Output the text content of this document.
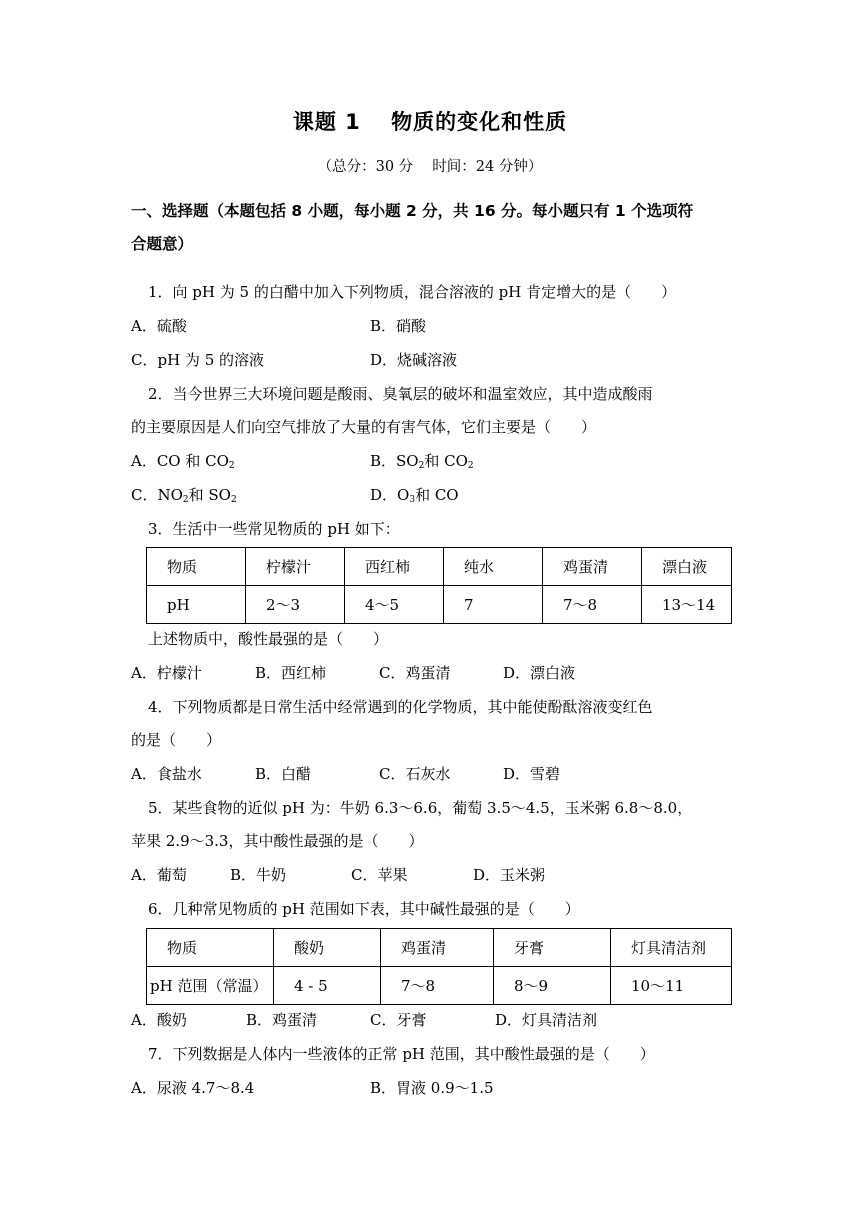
课题 1　 物质的变化和性质
（总分：30 分　 时间：24 分钟）
一、选择题（本题包括 8 小题，每小题 2 分，共 16 分。每小题只有 1 个选项符
合题意）
1．向 pH 为 5 的白醋中加入下列物质，混合溶液的 pH 肯定增大的是（　　）
A．硫酸	B．硝酸
C．pH 为 5 的溶液	D．烧碱溶液
2．当今世界三大环境问题是酸雨、臭氧层的破坏和温室效应，其中造成酸雨
的主要原因是人们向空气排放了大量的有害气体，它们主要是（　　）
A．CO 和 $CO_2$	B．$SO_2$和 $CO_2$
C．$NO_2$和 $SO_2$	D．$O_3$和 CO
3．生活中一些常见物质的 pH 如下：
物质	柠檬汁	西红柿	纯水	鸡蛋清	漂白液
pH	2～3	4～5	7	7～8	13～14
上述物质中，酸性最强的是（　　）
A．柠檬汁	B．西红柿	C．鸡蛋清	D．漂白液
4．下列物质都是日常生活中经常遇到的化学物质，其中能使酚酞溶液变红色
的是（　　）
A．食盐水	B．白醋	C．石灰水	D．雪碧
5．某些食物的近似 pH 为：牛奶 6.3～6.6，葡萄 3.5～4.5，玉米粥 6.8～8.0，
苹果 2.9～3.3，其中酸性最强的是（　　）
A．葡萄	B．牛奶	C．苹果	D．玉米粥
6．几种常见物质的 pH 范围如下表，其中碱性最强的是（　　）
物质	酸奶	鸡蛋清	牙膏	灯具清洁剂
pH 范围（常温）	4 - 5	7～8	8～9	10～11
A．酸奶	B．鸡蛋清	C．牙膏	D．灯具清洁剂
7．下列数据是人体内一些液体的正常 pH 范围，其中酸性最强的是（　　）
A．尿液 4.7～8.4	B．胃液 0.9～1.5
